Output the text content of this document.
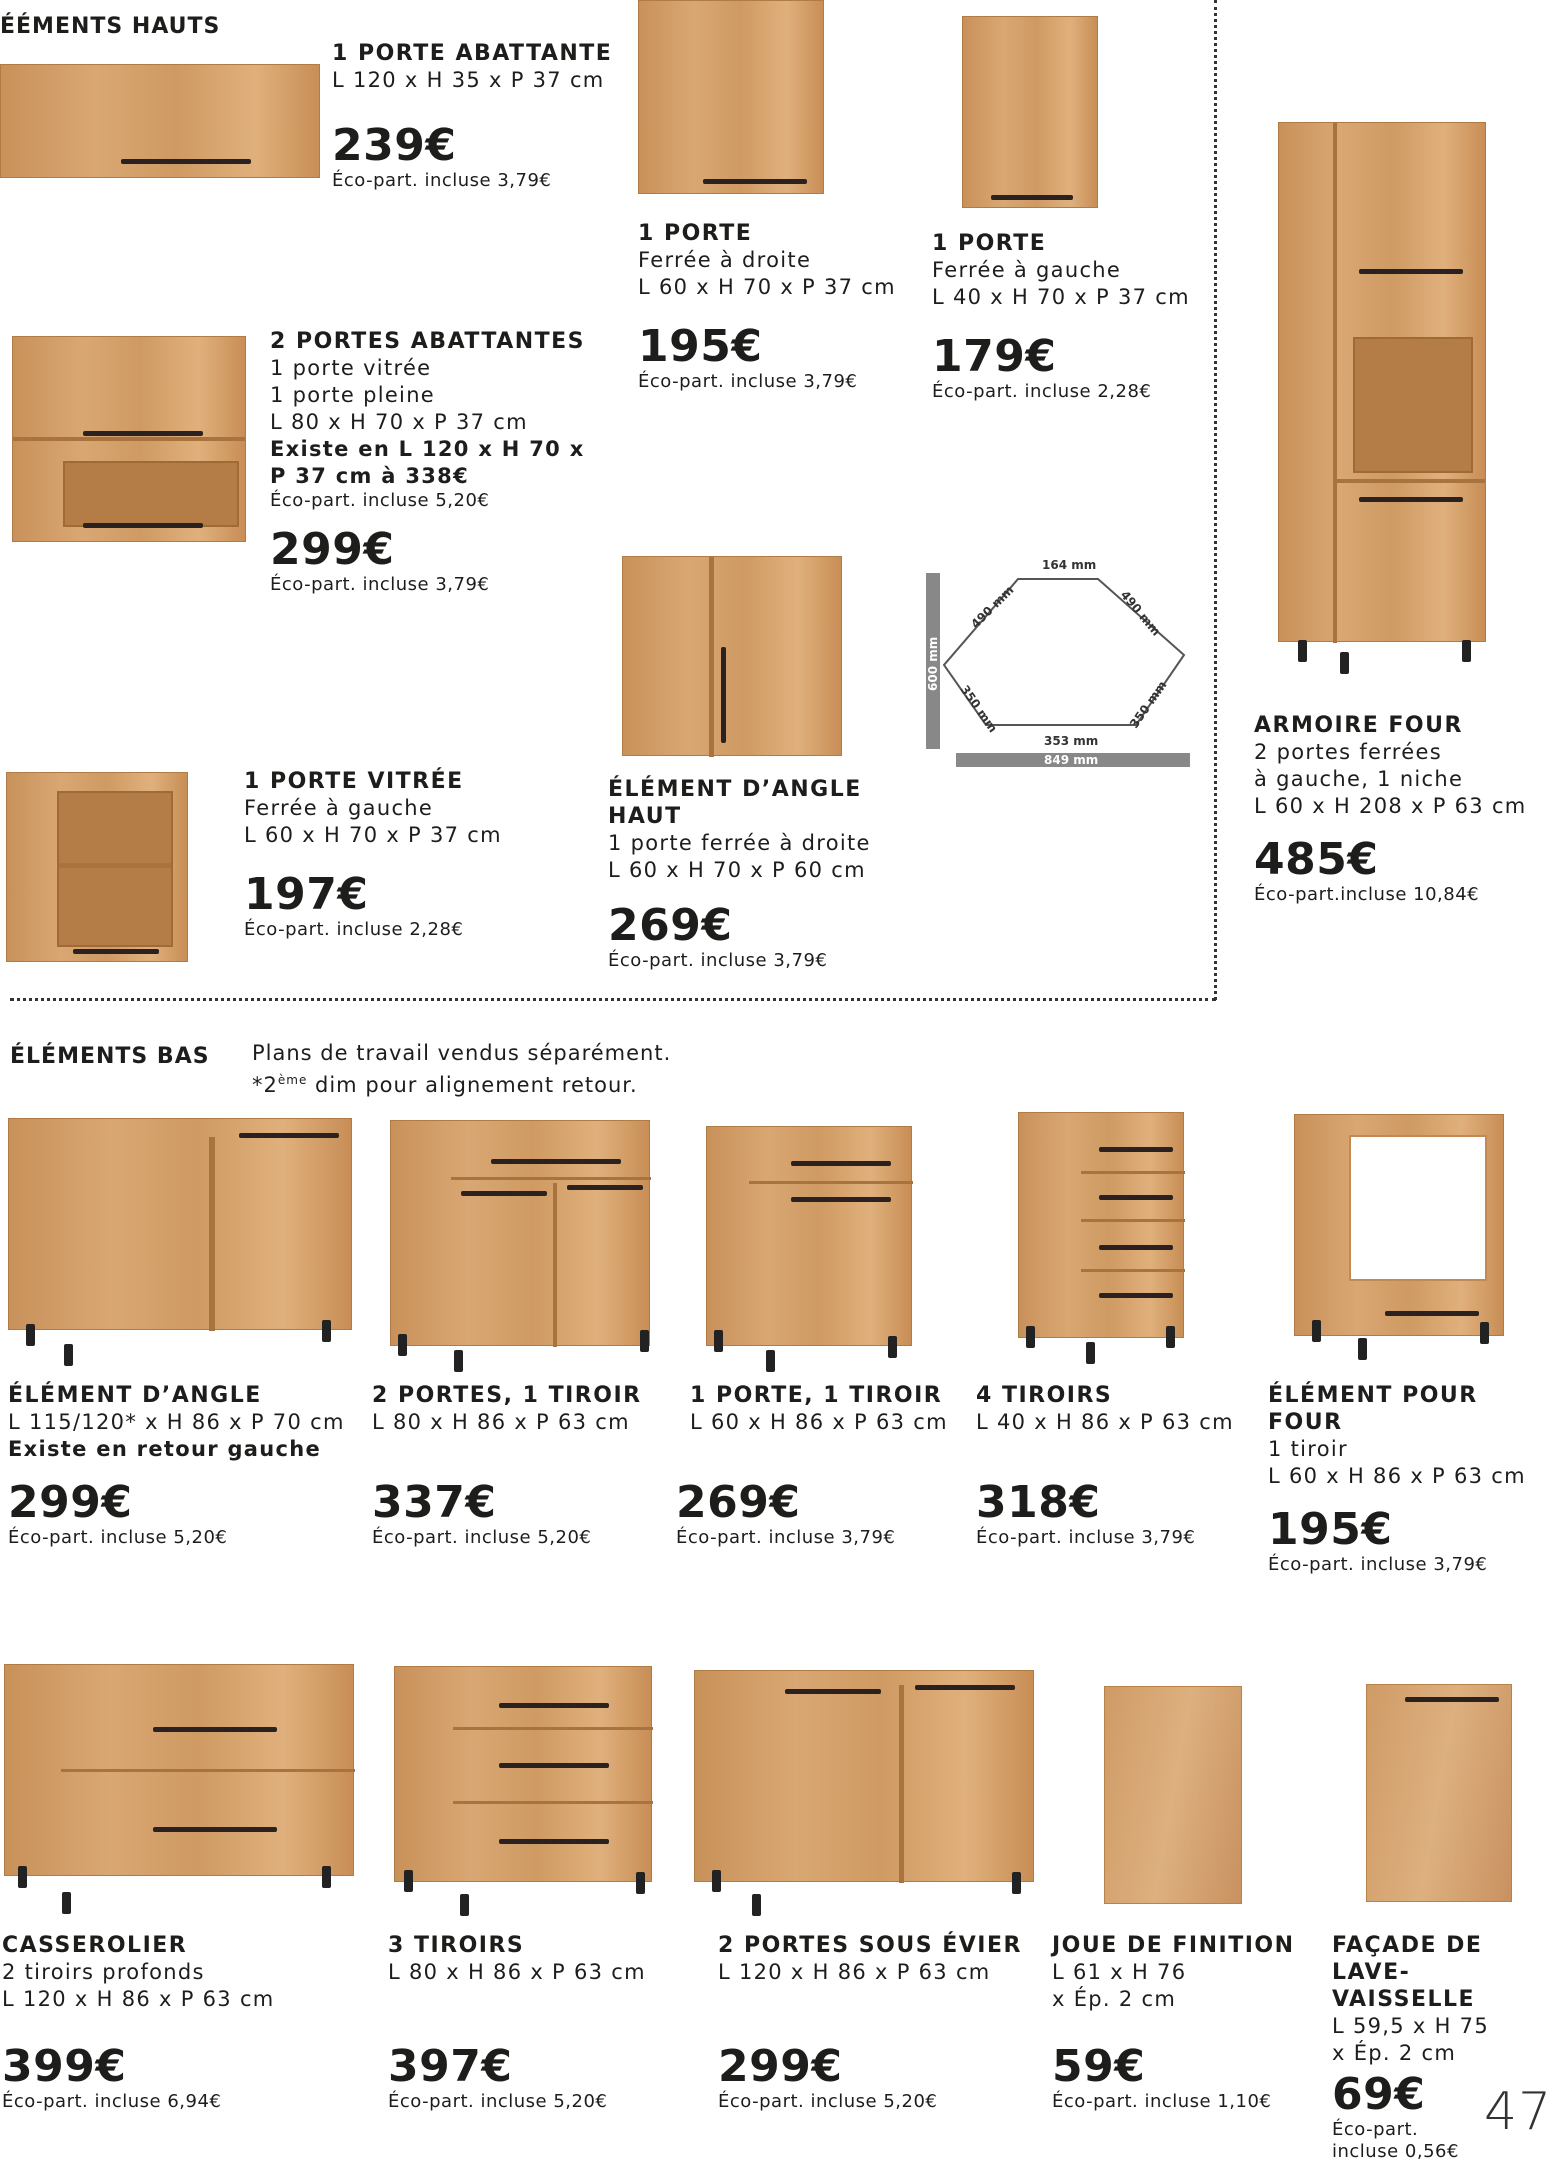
ÉÉMENTS HAUTS
1 PORTE ABATTANTE
L 120 x H 35 x P 37 cm
239€
Éco-part. incluse 3,79€
1 PORTE
Ferrée à droite
L 60 x H 70 x P 37 cm
195€
Éco-part. incluse 3,79€
1 PORTE
Ferrée à gauche
L 40 x H 70 x P 37 cm
179€
Éco-part. incluse 2,28€
2 PORTES ABATTANTES
1 porte vitrée
1 porte pleine
L 80 x H 70 x P 37 cm
Existe en L 120 x H 70 x
P 37 cm à 338€
Éco-part. incluse 5,20€
299€
Éco-part. incluse 3,79€
1 PORTE VITRÉE
Ferrée à gauche
L 60 x H 70 x P 37 cm
197€
Éco-part. incluse 2,28€
ÉLÉMENT D’ANGLE
HAUT
1 porte ferrée à droite
L 60 x H 70 x P 60 cm
269€
Éco-part. incluse 3,79€
164 mm
490 mm	490 mm
600 mm
350 mm	350 mm
353 mm
849 mm
ARMOIRE FOUR
2 portes ferrées
à gauche, 1 niche
L 60 x H 208 x P 63 cm
485€
Éco-part.incluse 10,84€
ÉLÉMENTS BAS Plans de travail vendus séparément.
*2ème dim pour alignement retour.
ÉLÉMENT D’ANGLE
L 115/120* x H 86 x P 70 cm
Existe en retour gauche
299€
Éco-part. incluse 5,20€
2 PORTES, 1 TIROIR
L 80 x H 86 x P 63 cm
337€
Éco-part. incluse 5,20€
1 PORTE, 1 TIROIR
L 60 x H 86 x P 63 cm
269€
Éco-part. incluse 3,79€
4 TIROIRS
L 40 x H 86 x P 63 cm
318€
Éco-part. incluse 3,79€
ÉLÉMENT POUR FOUR
1 tiroir
L 60 x H 86 x P 63 cm
195€
Éco-part. incluse 3,79€
CASSEROLIER
2 tiroirs profonds
L 120 x H 86 x P 63 cm
399€
Éco-part. incluse 6,94€
3 TIROIRS
L 80 x H 86 x P 63 cm
397€
Éco-part. incluse 5,20€
2 PORTES SOUS ÉVIER
L 120 x H 86 x P 63 cm
299€
Éco-part. incluse 5,20€
JOUE DE FINITION
L 61 x H 76
x Ép. 2 cm
59€
Éco-part. incluse 1,10€
FAÇADE DE
LAVE-VAISSELLE
L 59,5 x H 75
x Ép. 2 cm
69€
Éco-part.
incluse 0,56€
47
